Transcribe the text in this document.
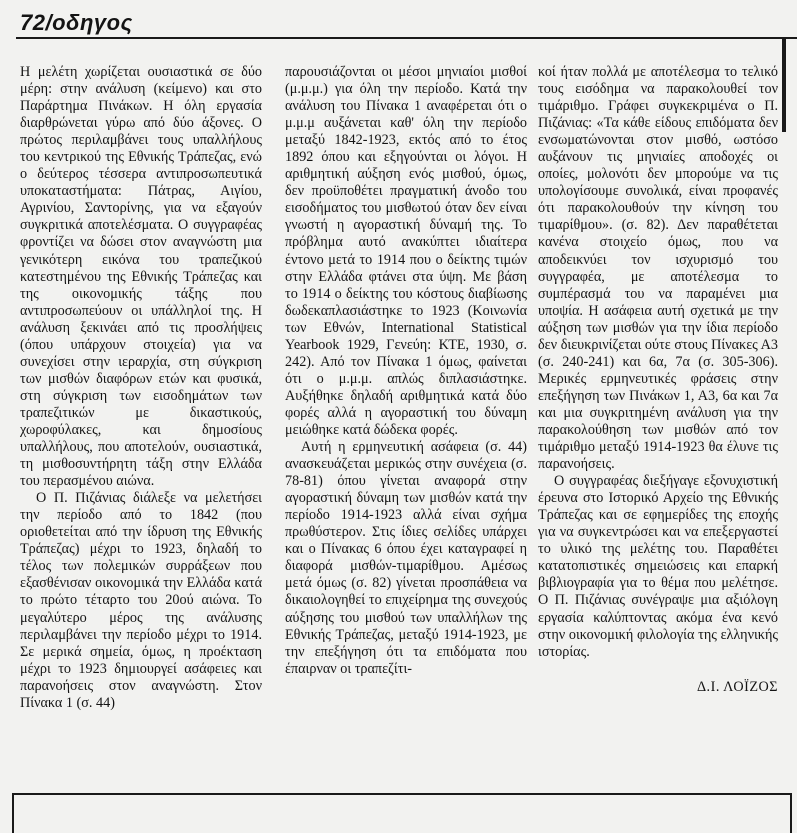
72/οδηγος

Η μελέτη χωρίζεται ουσιαστικά σε δύο μέρη: στην ανάλυση (κείμενο) και στο Παράρτημα Πινάκων. Η όλη εργασία διαρθρώνεται γύρω από δύο άξονες. Ο πρώτος περιλαμβάνει τους υπαλλήλους του κεντρικού της Εθνικής Τράπεζας, ενώ ο δεύτερος τέσσερα αντιπροσωπευτικά υποκαταστήματα: Πάτρας, Αιγίου, Αγρινίου, Σαντορίνης, για να εξαγούν συγκριτικά αποτελέσματα. Ο συγγραφέας φροντίζει να δώσει στον αναγνώστη μια γενικότερη εικόνα του τραπεζικού κατεστημένου της Εθνικής Τράπεζας και της οικονομικής τάξης που αντιπροσωπεύουν οι υπάλληλοί της. Η ανάλυση ξεκινάει από τις προσλήψεις (όπου υπάρχουν στοιχεία) για να συνεχίσει στην ιεραρχία, στη σύγκριση των μισθών διαφόρων ετών και φυσικά, στη σύγκριση των εισοδημάτων των τραπεζιτικών με δικαστικούς, χωροφύλακες, και δημοσίους υπαλλήλους, που αποτελούν, ουσιαστικά, τη μισθοσυντήρητη τάξη στην Ελλάδα του περασμένου αιώνα.

Ο Π. Πιζάνιας διάλεξε να μελετήσει την περίοδο από το 1842 (που οριοθετείται από την ίδρυση της Εθνικής Τράπεζας) μέχρι το 1923, δηλαδή το τέλος των πολεμικών συρράξεων που εξασθένισαν οικονομικά την Ελλάδα κατά το πρώτο τέταρτο του 20ού αιώνα. Το μεγαλύτερο μέρος της ανάλυσης περιλαμβάνει την περίοδο μέχρι το 1914. Σε μερικά σημεία, όμως, η προέκταση μέχρι το 1923 δημιουργεί ασάφειες και παρανοήσεις στον αναγνώστη. Στον Πίνακα 1 (σ. 44)

παρουσιάζονται οι μέσοι μηνιαίοι μισθοί (μ.μ.μ.) για όλη την περίοδο. Κατά την ανάλυση του Πίνακα 1 αναφέρεται ότι ο μ.μ.μ αυξάνεται καθ' όλη την περίοδο μεταξύ 1842-1923, εκτός από το έτος 1892 όπου και εξηγούνται οι λόγοι. Η αριθμητική αύξηση ενός μισθού, όμως, δεν προϋποθέτει πραγματική άνοδο του εισοδήματος του μισθωτού όταν δεν είναι γνωστή η αγοραστική δύναμή της. Το πρόβλημα αυτό ανακύπτει ιδιαίτερα έντονο μετά το 1914 που ο δείκτης τιμών στην Ελλάδα φτάνει στα ύψη. Με βάση το 1914 ο δείκτης του κόστους διαβίωσης δωδεκαπλασιάστηκε το 1923 (Κοινωνία των Εθνών, International Statistical Yearbook 1929, Γενεύη: ΚΤΕ, 1930, σ. 242). Από τον Πίνακα 1 όμως, φαίνεται ότι ο μ.μ.μ. απλώς διπλασιάστηκε. Αυξήθηκε δηλαδή αριθμητικά κατά δύο φορές αλλά η αγοραστική του δύναμη μειώθηκε κατά δώδεκα φορές.

Αυτή η ερμηνευτική ασάφεια (σ. 44) ανασκευάζεται μερικώς στην συνέχεια (σ. 78-81) όπου γίνεται αναφορά στην αγοραστική δύναμη των μισθών κατά την περίοδο 1914-1923 αλλά είναι σχήμα πρωθύστερον. Στις ίδιες σελίδες υπάρχει και ο Πίνακας 6 όπου έχει καταγραφεί η διαφορά μισθών-τιμαρίθμου. Αμέσως μετά όμως (σ. 82) γίνεται προσπάθεια να δικαιολογηθεί το επιχείρημα της συνεχούς αύξησης του μισθού των υπαλλήλων της Εθνικής Τράπεζας, μεταξύ 1914-1923, με την επεξήγηση ότι τα επιδόματα που έπαιρναν οι τραπεζίτι-

κοί ήταν πολλά με αποτέλεσμα το τελικό τους εισόδημα να παρακολουθεί τον τιμάριθμο. Γράφει συγκεκριμένα ο Π. Πιζάνιας: «Τα κάθε είδους επιδόματα δεν ενσωματώνονται στον μισθό, ωστόσο αυξάνουν τις μηνιαίες αποδοχές οι οποίες, μολονότι δεν μπορούμε να τις υπολογίσουμε συνολικά, είναι προφανές ότι παρακολουθούν την κίνηση του τιμαρίθμου». (σ. 82). Δεν παραθέτεται κανένα στοιχείο όμως, που να αποδεικνύει τον ισχυρισμό του συγγραφέα, με αποτέλεσμα το συμπέρασμά του να παραμένει μια υποψία. Η ασάφεια αυτή σχετικά με την αύξηση των μισθών για την ίδια περίοδο δεν διευκρινίζεται ούτε στους Πίνακες Α3 (σ. 240-241) και 6α, 7α (σ. 305-306). Μερικές ερμηνευτικές φράσεις στην επεξήγηση των Πινάκων 1, Α3, 6α και 7α και μια συγκριτημένη ανάλυση για την παρακολούθηση των μισθών από τον τιμάριθμο μεταξύ 1914-1923 θα έλυνε τις παρανοήσεις.

Ο συγγραφέας διεξήγαγε εξονυχιστική έρευνα στο Ιστορικό Αρχείο της Εθνικής Τράπεζας και σε εφημερίδες της εποχής για να συγκεντρώσει και να επεξεργαστεί το υλικό της μελέτης του. Παραθέτει κατατοπιστικές σημειώσεις και επαρκή βιβλιογραφία για το θέμα που μελέτησε. Ο Π. Πιζάνιας συνέγραψε μια αξιόλογη εργασία καλύπτοντας ακόμα ένα κενό στην οικονομική φιλολογία της ελληνικής ιστορίας.

Δ.Ι. ΛΟΪΖΟΣ
